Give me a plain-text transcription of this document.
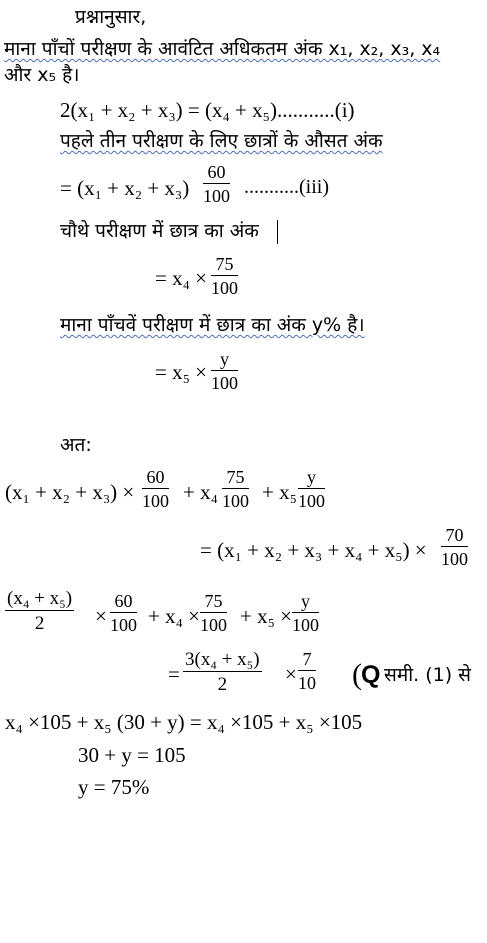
प्रश्नानुसार,
माना पाँचों परीक्षण के आवंटित अधिकतम अंक x₁, x₂, x₃, x₄
और x₅ है।
2(x₁ + x₂ + x₃) = (x₄ + x₅)...........(i)
पहले तीन परीक्षण के लिए छात्रों के औसत अंक
= $(x_1 + x_2 + x_3) \frac{60}{100} ...........(iii)$
चौथे परीक्षण में छात्र का अंक
= $x_4 \times \frac{75}{100}$
माना पाँचवें परीक्षण में छात्र का अंक y% है।
= $x_5 \times \frac{y}{100}$
अत:
$(x_1 + x_2 + x_3) \times \frac{60}{100} + x_4 \frac{75}{100} + x_5 \frac{y}{100}$
= $(x_1 + x_2 + x_3 + x_4 + x_5) \times \frac{70}{100}$
$\frac{\text{(x₄ + x₅)}}{2} \times \frac{60}{100} + x_4 \times \frac{75}{100} + x_5 \times \frac{y}{100}$
= $\frac{\text{3(x₄ + x₅)}}{2} \times \frac{7}{10}$ ( Q समी. (1) से
x₄ ×105 + x₅ (30 + y) = x₄ ×105 + x₅ ×105
30 + y = 105
y = 75%
